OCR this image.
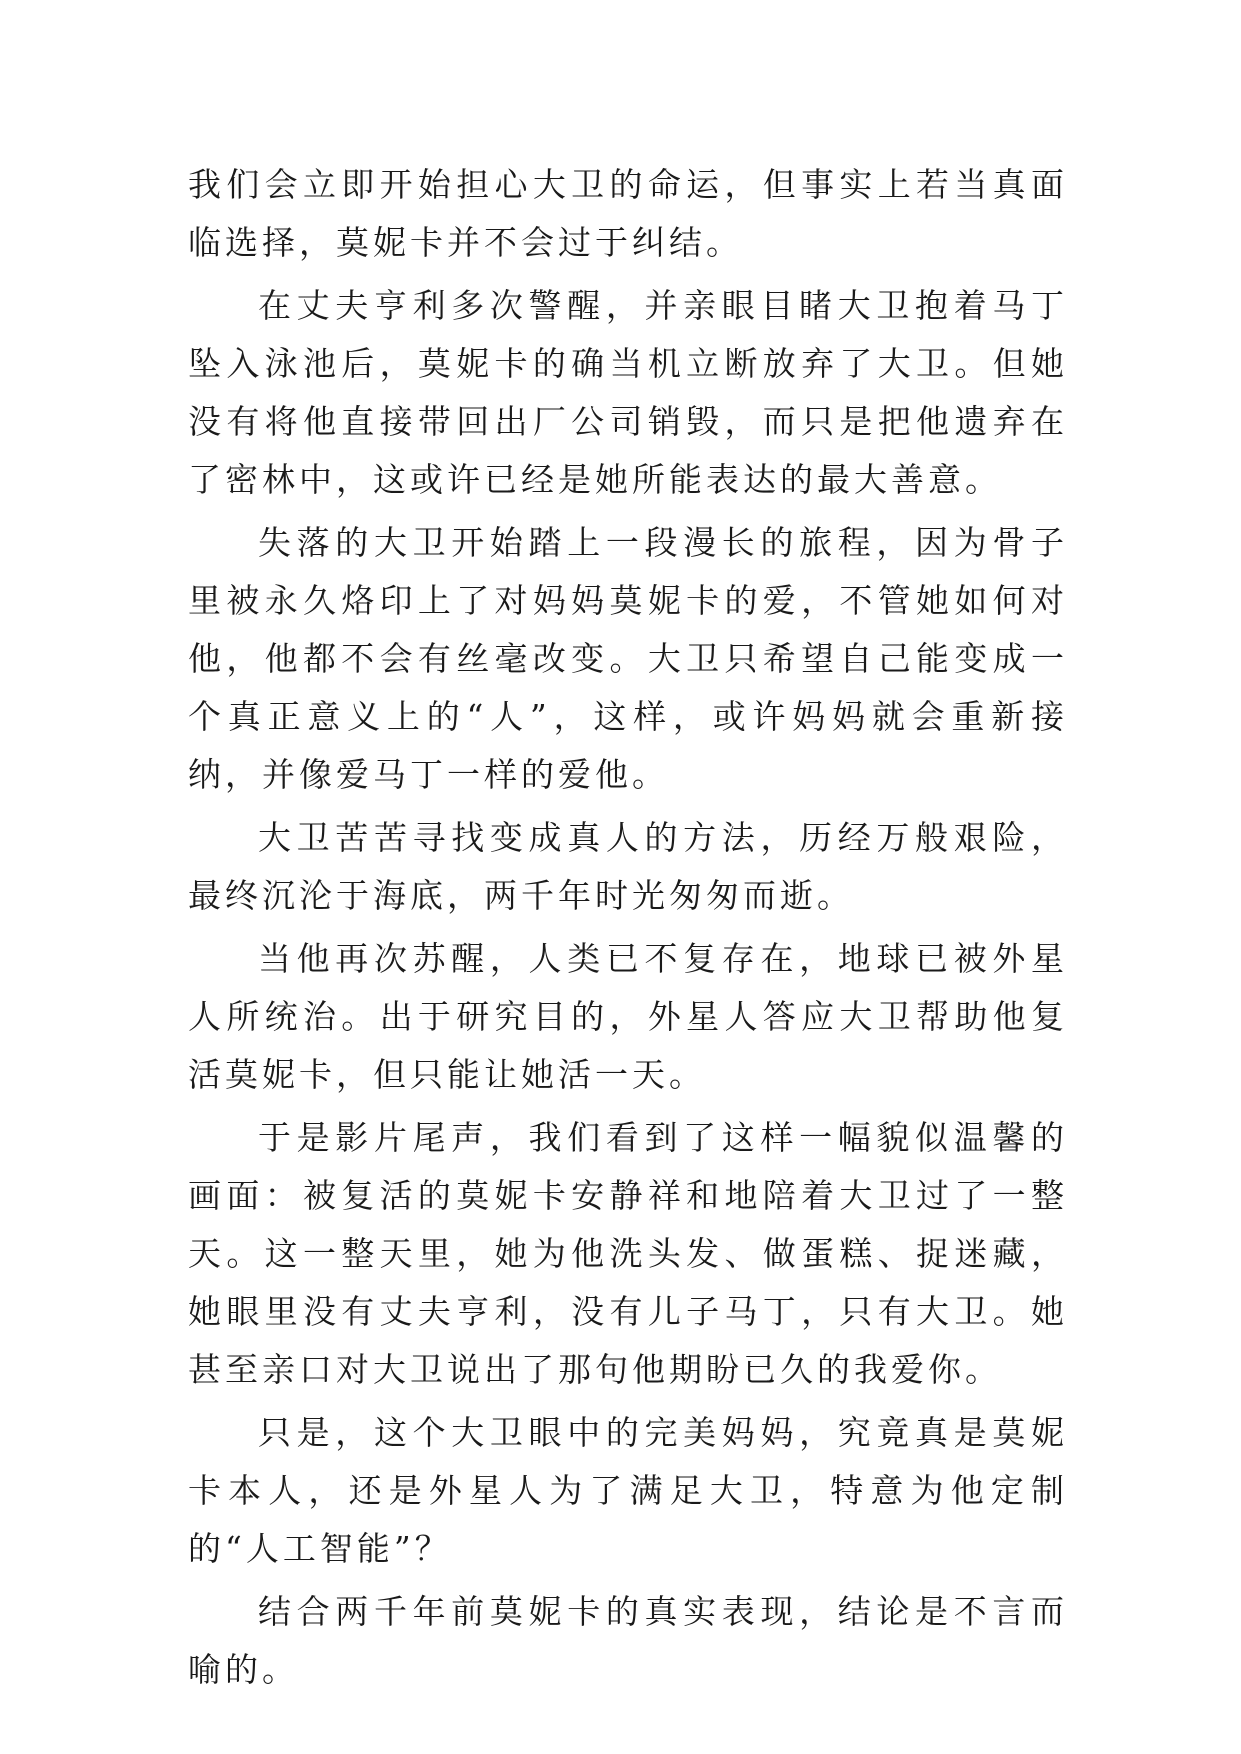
我们会立即开始担心大卫的命运，但事实上若当真面临选择，莫妮卡并不会过于纠结。

在丈夫亨利多次警醒，并亲眼目睹大卫抱着马丁坠入泳池后，莫妮卡的确当机立断放弃了大卫。但她没有将他直接带回出厂公司销毁，而只是把他遗弃在了密林中，这或许已经是她所能表达的最大善意。

失落的大卫开始踏上一段漫长的旅程，因为骨子里被永久烙印上了对妈妈莫妮卡的爱，不管她如何对他，他都不会有丝毫改变。大卫只希望自己能变成一个真正意义上的“人”，这样，或许妈妈就会重新接纳，并像爱马丁一样的爱他。

大卫苦苦寻找变成真人的方法，历经万般艰险，最终沉沦于海底，两千年时光匆匆而逝。

当他再次苏醒，人类已不复存在，地球已被外星人所统治。出于研究目的，外星人答应大卫帮助他复活莫妮卡，但只能让她活一天。

于是影片尾声，我们看到了这样一幅貌似温馨的画面：被复活的莫妮卡安静祥和地陪着大卫过了一整天。这一整天里，她为他洗头发、做蛋糕、捉迷藏，她眼里没有丈夫亨利，没有儿子马丁，只有大卫。她甚至亲口对大卫说出了那句他期盼已久的我爱你。

只是，这个大卫眼中的完美妈妈，究竟真是莫妮卡本人，还是外星人为了满足大卫，特意为他定制的“人工智能”？

结合两千年前莫妮卡的真实表现，结论是不言而喻的。
